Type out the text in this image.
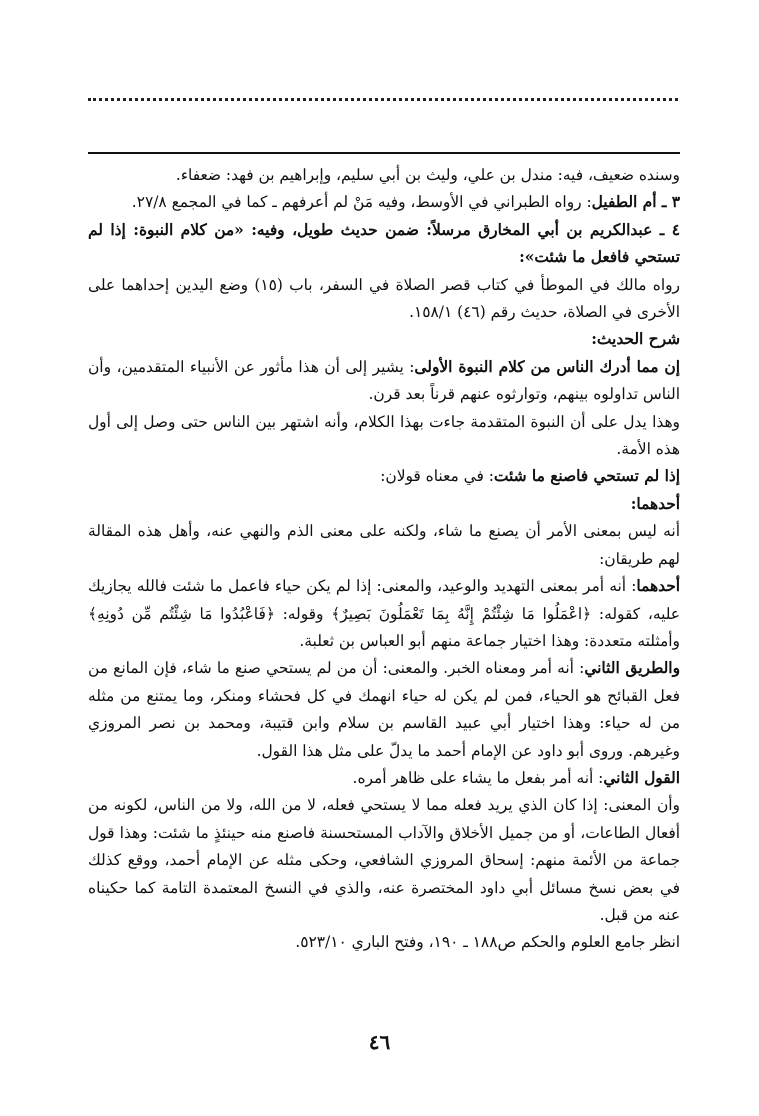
وسنده ضعيف، فيه: مندل بن علي، وليث بن أبي سليم، وإبراهيم بن فهد: ضعفاء.

٣ ـ أم الطفيل: رواه الطبراني في الأوسط، وفيه مَنْ لم أعرفهم ـ كما في المجمع ٢٧/٨.

٤ ـ عبدالكريم بن أبي المخارق مرسلاً: ضمن حديث طويل، وفيه: «من كلام النبوة: إذا لم تستحي فافعل ما شئت»:

رواه مالك في الموطأ في كتاب قصر الصلاة في السفر، باب (١٥) وضع اليدين إحداهما على الأخرى في الصلاة، حديث رقم (٤٦) ١٥٨/١.

شرح الحديث:

إن مما أدرك الناس من كلام النبوة الأولى: يشير إلى أن هذا مأثور عن الأنبياء المتقدمين، وأن الناس تداولوه بينهم، وتوارثوه عنهم قرناً بعد قرن.

وهذا يدل على أن النبوة المتقدمة جاءت بهذا الكلام، وأنه اشتهر بين الناس حتى وصل إلى أول هذه الأمة.

إذا لم تستحي فاصنع ما شئت: في معناه قولان:

أحدهما:

أنه ليس بمعنى الأمر أن يصنع ما شاء، ولكنه على معنى الذم والنهي عنه، وأهل هذه المقالة لهم طريقان:

أحدهما: أنه أمر بمعنى التهديد والوعيد، والمعنى: إذا لم يكن حياء فاعمل ما شئت فالله يجازيك عليه، كقوله: ﴿اعْمَلُوا مَا شِئْتُمْ إِنَّهُ بِمَا تَعْمَلُونَ بَصِيرٌ﴾ وقوله: ﴿فَاعْبُدُوا مَا شِئْتُم مِّن دُونِهِ﴾ وأمثلته متعددة: وهذا اختيار جماعة منهم أبو العباس بن ثعلبة.

والطريق الثاني: أنه أمر ومعناه الخبر. والمعنى: أن من لم يستحي صنع ما شاء، فإن المانع من فعل القبائح هو الحياء، فمن لم يكن له حياء انهمك في كل فحشاء ومنكر، وما يمتنع من مثله من له حياء: وهذا اختيار أبي عبيد القاسم بن سلام وابن قتيبة، ومحمد بن نصر المروزي وغيرهم. وروى أبو داود عن الإمام أحمد ما يدلّ على مثل هذا القول.

القول الثاني: أنه أمر بفعل ما يشاء على ظاهر أمره.

وأن المعنى: إذا كان الذي يريد فعله مما لا يستحي فعله، لا من الله، ولا من الناس، لكونه من أفعال الطاعات، أو من جميل الأخلاق والآداب المستحسنة فاصنع منه حينئذٍ ما شئت: وهذا قول جماعة من الأئمة منهم: إسحاق المروزي الشافعي، وحكى مثله عن الإمام أحمد، ووقع كذلك في بعض نسخ مسائل أبي داود المختصرة عنه، والذي في النسخ المعتمدة التامة كما حكيناه عنه من قبل.

انظر جامع العلوم والحكم ص١٨٨ ـ ١٩٠، وفتح الباري ٥٢٣/١٠.

٤٦
